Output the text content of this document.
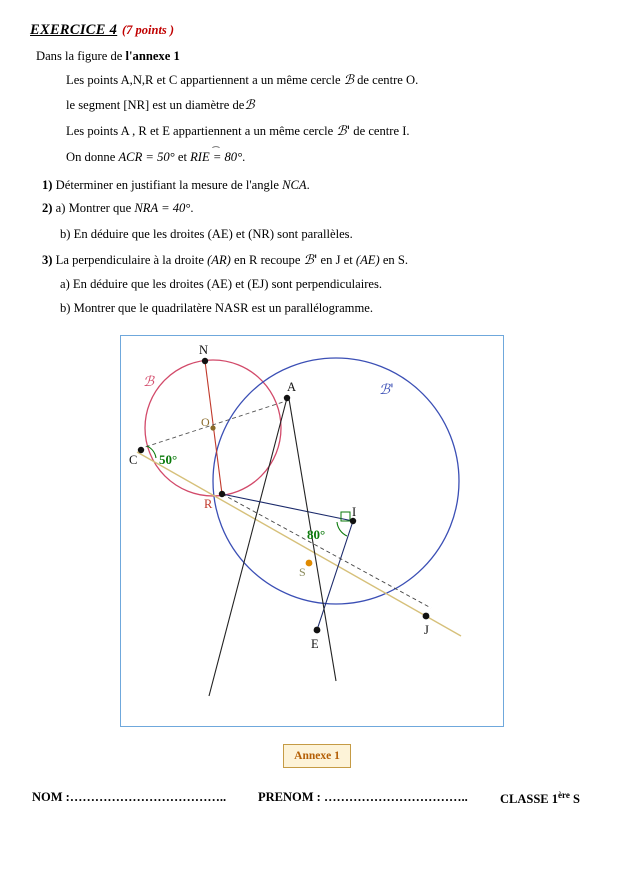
EXERCICE 4 (7 points )
Dans la figure de l'annexe 1
Les points A,N,R et C appartiennent a un même cercle ℬ de centre O.
le segment [NR] est un diamètre deℬ
Les points A , R et E appartiennent a un même cercle ℬ' de centre I.
On donne ACR = 50° et ⌢ RIE = 80°.
1) Déterminer en justifiant la mesure de l'angle NCA.
2) a) Montrer que NRA = 40°.
b) En déduire que les droites (AE) et (NR) sont parallèles.
3) La perpendiculaire à la droite (AR) en R recoupe ℬ' en J et (AE) en S.
a) En déduire que les droites (AE) et (EJ) sont perpendiculaires.
b) Montrer que le quadrilatère NASR est un parallélogramme.
N
A
O
C
R
I
S
E
J
ℬ	ℬ'
50°
80°
Annexe 1
NOM :………………………………..	PRENOM : ……………………………..	CLASSE 1ère S
